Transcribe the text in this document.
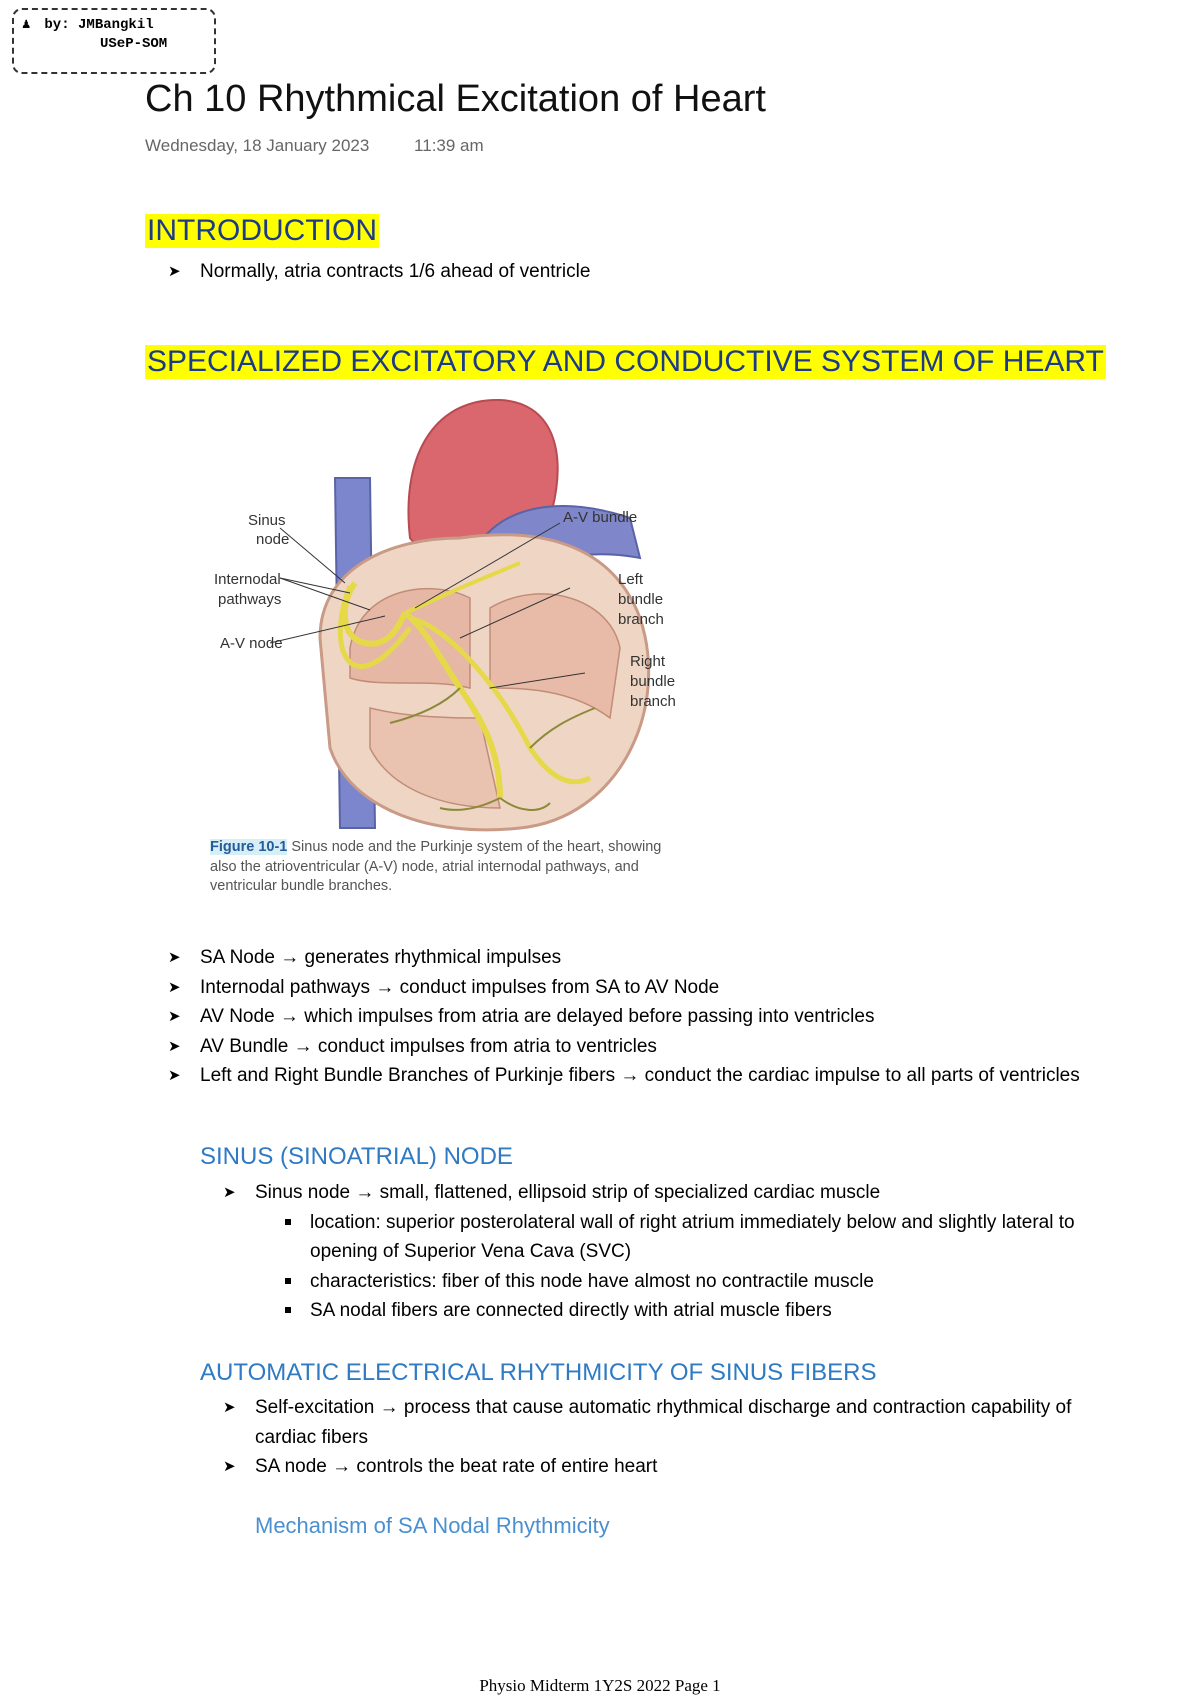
♟ by: JMBangkil
USeP-SOM
Ch 10 Rhythmical Excitation of Heart
Wednesday, 18 January 2023	11:39 am
INTRODUCTION
➤ Normally, atria contracts 1/6 ahead of ventricle
SPECIALIZED EXCITATORY AND CONDUCTIVE SYSTEM OF HEART
Sinus
node
Internodal
pathways
A-V node
A-V bundle
Left
bundle
branch
Right
bundle
branch
Figure 10-1 Sinus node and the Purkinje system of the heart, showing also the atrioventricular (A-V) node, atrial internodal pathways, and ventricular bundle branches.
➤ SA Node → generates rhythmical impulses
➤ Internodal pathways → conduct impulses from SA to AV Node
➤ AV Node → which impulses from atria are delayed before passing into ventricles
➤ AV Bundle → conduct impulses from atria to ventricles
➤ Left and Right Bundle Branches of Purkinje fibers → conduct the cardiac impulse to all parts of ventricles
SINUS (SINOATRIAL) NODE
➤ Sinus node → small, flattened, ellipsoid strip of specialized cardiac muscle
location: superior posterolateral wall of right atrium immediately below and slightly lateral to opening of Superior Vena Cava (SVC)
characteristics: fiber of this node have almost no contractile muscle
SA nodal fibers are connected directly with atrial muscle fibers
AUTOMATIC ELECTRICAL RHYTHMICITY OF SINUS FIBERS
➤ Self-excitation → process that cause automatic rhythmical discharge and contraction capability of cardiac fibers
➤ SA node → controls the beat rate of entire heart
Mechanism of SA Nodal Rhythmicity
Physio Midterm 1Y2S 2022 Page 1
